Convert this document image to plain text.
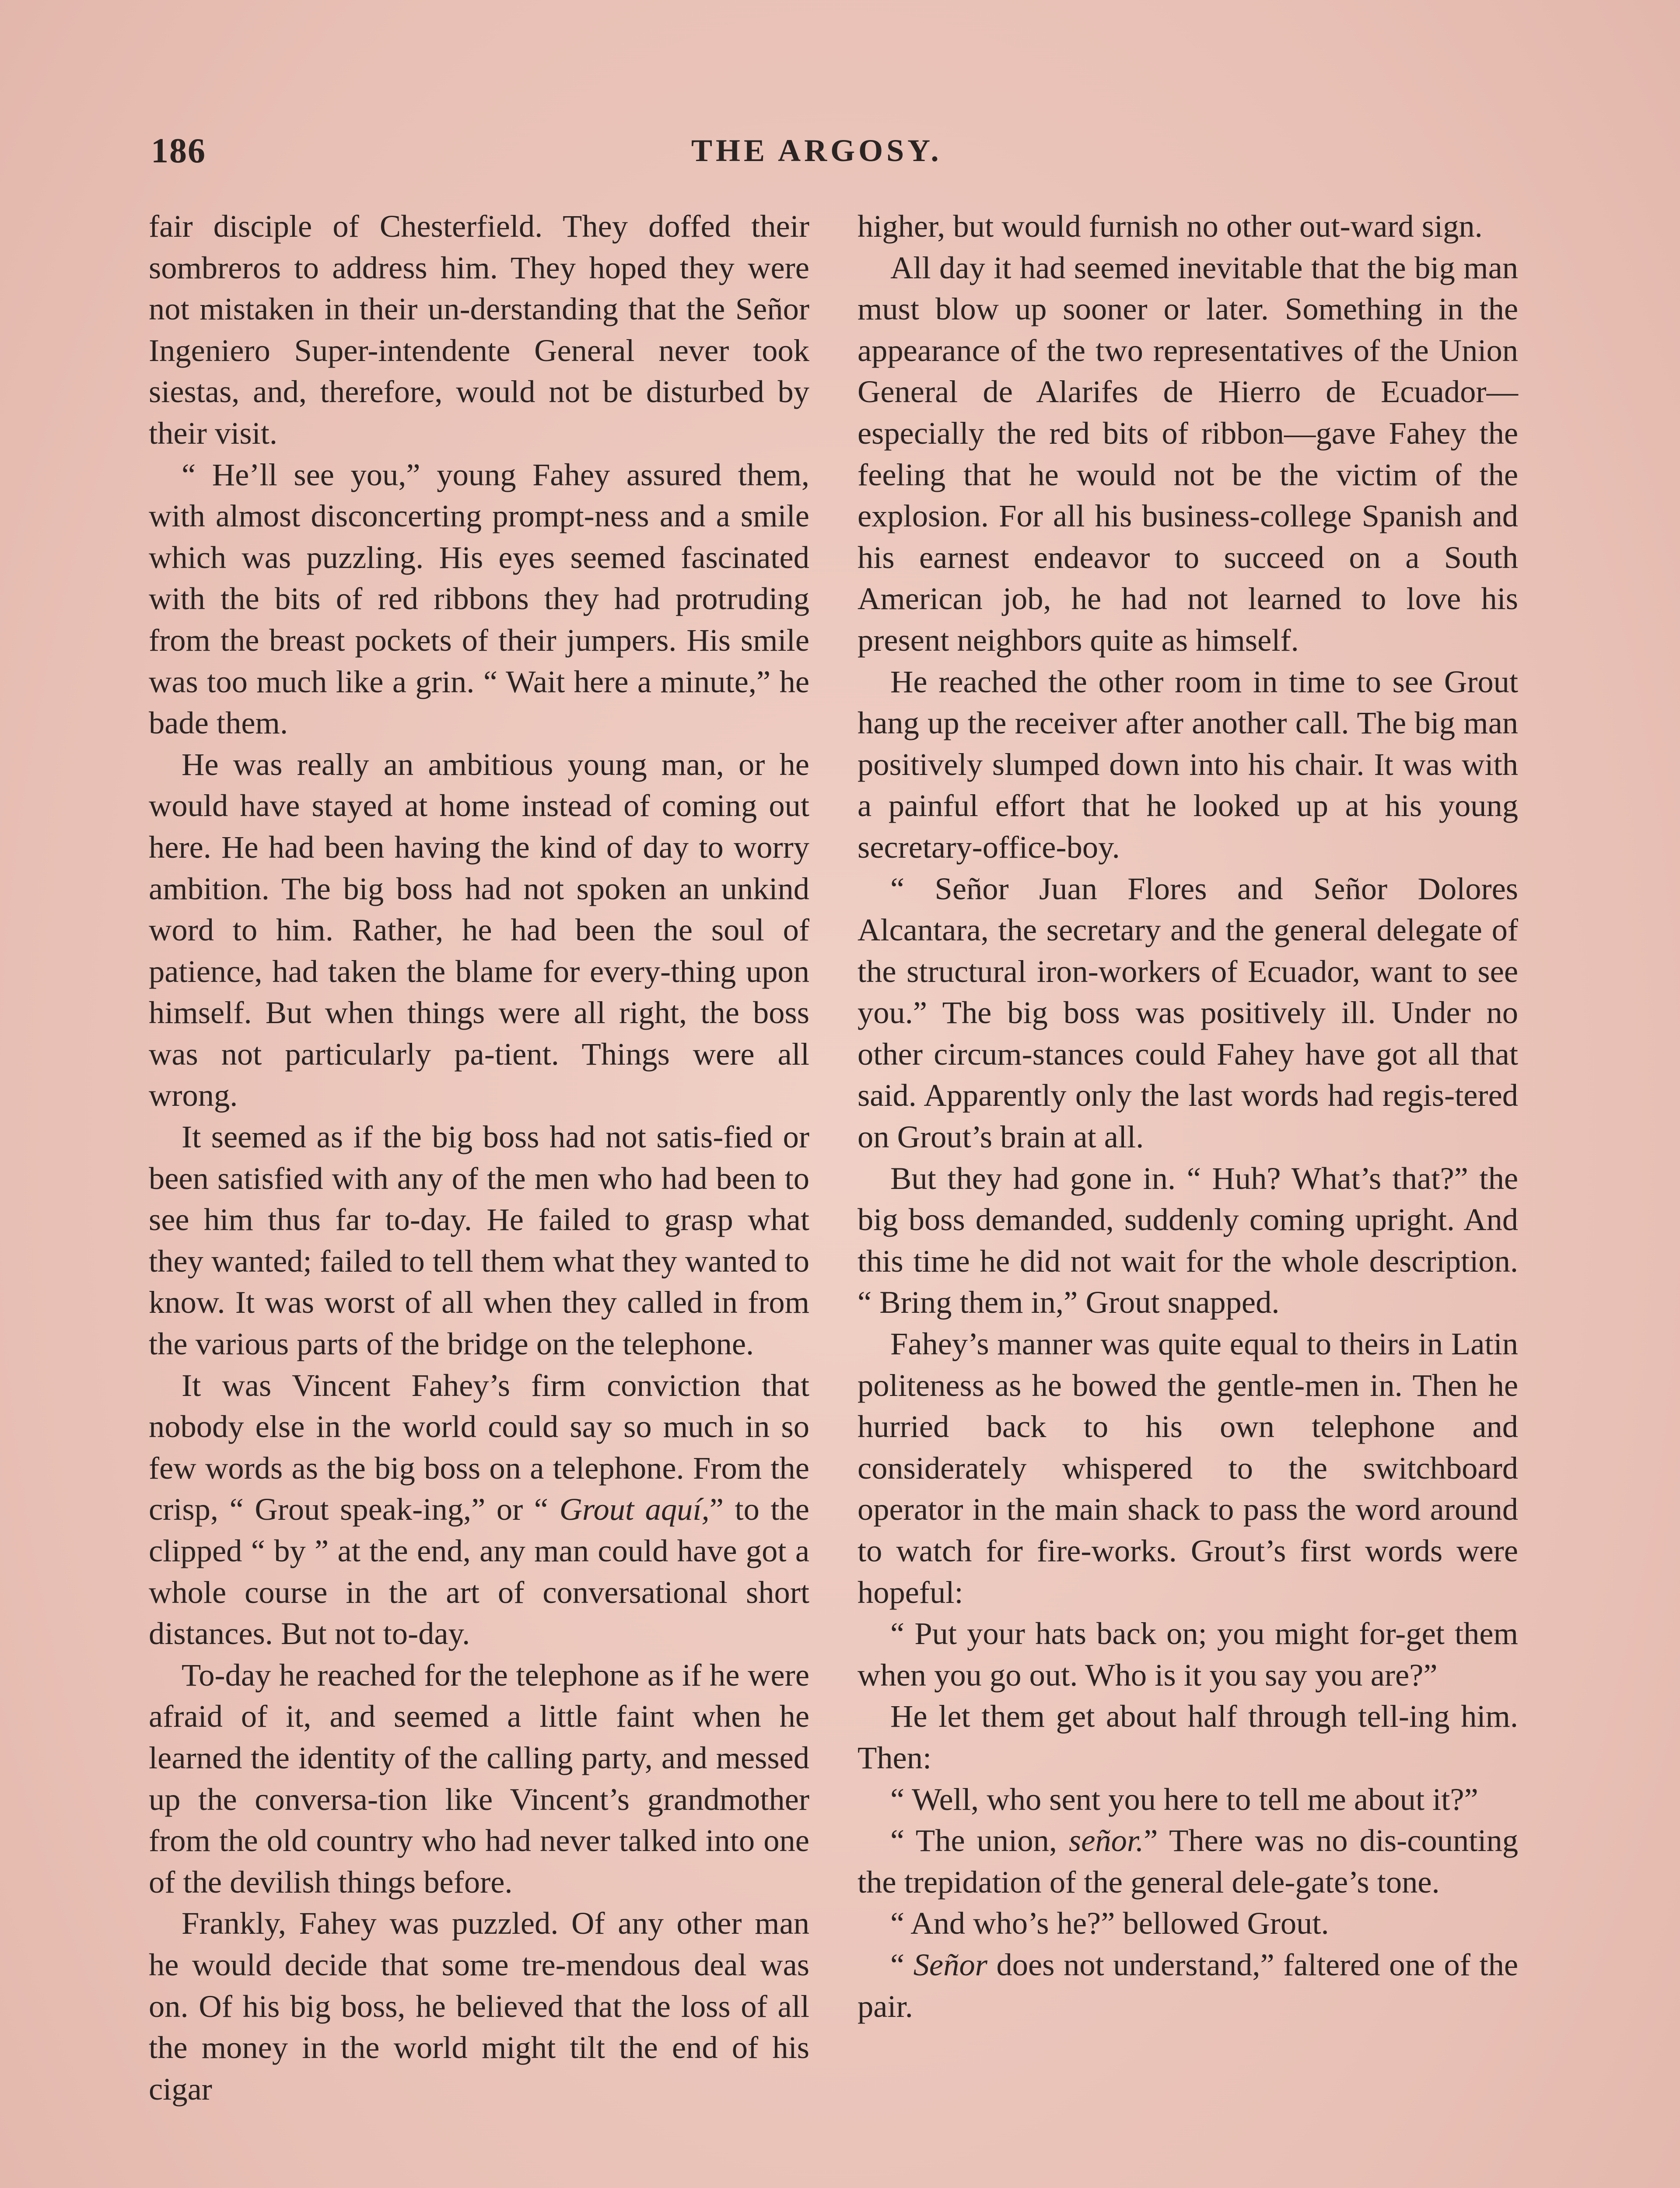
186	THE ARGOSY.

fair disciple of Chesterfield. They doffed their sombreros to address him. They hoped they were not mistaken in their un-derstanding that the Señor Ingeniero Super-intendente General never took siestas, and, therefore, would not be disturbed by their visit.

“ He’ll see you,” young Fahey assured them, with almost disconcerting prompt-ness and a smile which was puzzling. His eyes seemed fascinated with the bits of red ribbons they had protruding from the breast pockets of their jumpers. His smile was too much like a grin. “ Wait here a minute,” he bade them.

He was really an ambitious young man, or he would have stayed at home instead of coming out here. He had been having the kind of day to worry ambition. The big boss had not spoken an unkind word to him. Rather, he had been the soul of patience, had taken the blame for every-thing upon himself. But when things were all right, the boss was not particularly pa-tient. Things were all wrong.

It seemed as if the big boss had not satis-fied or been satisfied with any of the men who had been to see him thus far to-day. He failed to grasp what they wanted; failed to tell them what they wanted to know. It was worst of all when they called in from the various parts of the bridge on the telephone.

It was Vincent Fahey’s firm conviction that nobody else in the world could say so much in so few words as the big boss on a telephone. From the crisp, “ Grout speak-ing,” or “ Grout aquí,” to the clipped “ by ” at the end, any man could have got a whole course in the art of conversational short distances. But not to-day.

To-day he reached for the telephone as if he were afraid of it, and seemed a little faint when he learned the identity of the calling party, and messed up the conversa-tion like Vincent’s grandmother from the old country who had never talked into one of the devilish things before.

Frankly, Fahey was puzzled. Of any other man he would decide that some tre-mendous deal was on. Of his big boss, he believed that the loss of all the money in the world might tilt the end of his cigar

higher, but would furnish no other out-ward sign.

All day it had seemed inevitable that the big man must blow up sooner or later. Something in the appearance of the two representatives of the Union General de Alarifes de Hierro de Ecuador—especially the red bits of ribbon—gave Fahey the feeling that he would not be the victim of the explosion. For all his business-college Spanish and his earnest endeavor to succeed on a South American job, he had not learned to love his present neighbors quite as himself.

He reached the other room in time to see Grout hang up the receiver after another call. The big man positively slumped down into his chair. It was with a painful effort that he looked up at his young secretary-office-boy.

“ Señor Juan Flores and Señor Dolores Alcantara, the secretary and the general delegate of the structural iron-workers of Ecuador, want to see you.” The big boss was positively ill. Under no other circum-stances could Fahey have got all that said. Apparently only the last words had regis-tered on Grout’s brain at all.

But they had gone in. “ Huh? What’s that?” the big boss demanded, suddenly coming upright. And this time he did not wait for the whole description. “ Bring them in,” Grout snapped.

Fahey’s manner was quite equal to theirs in Latin politeness as he bowed the gentle-men in. Then he hurried back to his own telephone and considerately whispered to the switchboard operator in the main shack to pass the word around to watch for fire-works. Grout’s first words were hopeful:

“ Put your hats back on; you might for-get them when you go out. Who is it you say you are?”

He let them get about half through tell-ing him. Then:

“ Well, who sent you here to tell me about it?”

“ The union, señor.” There was no dis-counting the trepidation of the general dele-gate’s tone.

“ And who’s he?” bellowed Grout.

“ Señor does not understand,” faltered one of the pair.
